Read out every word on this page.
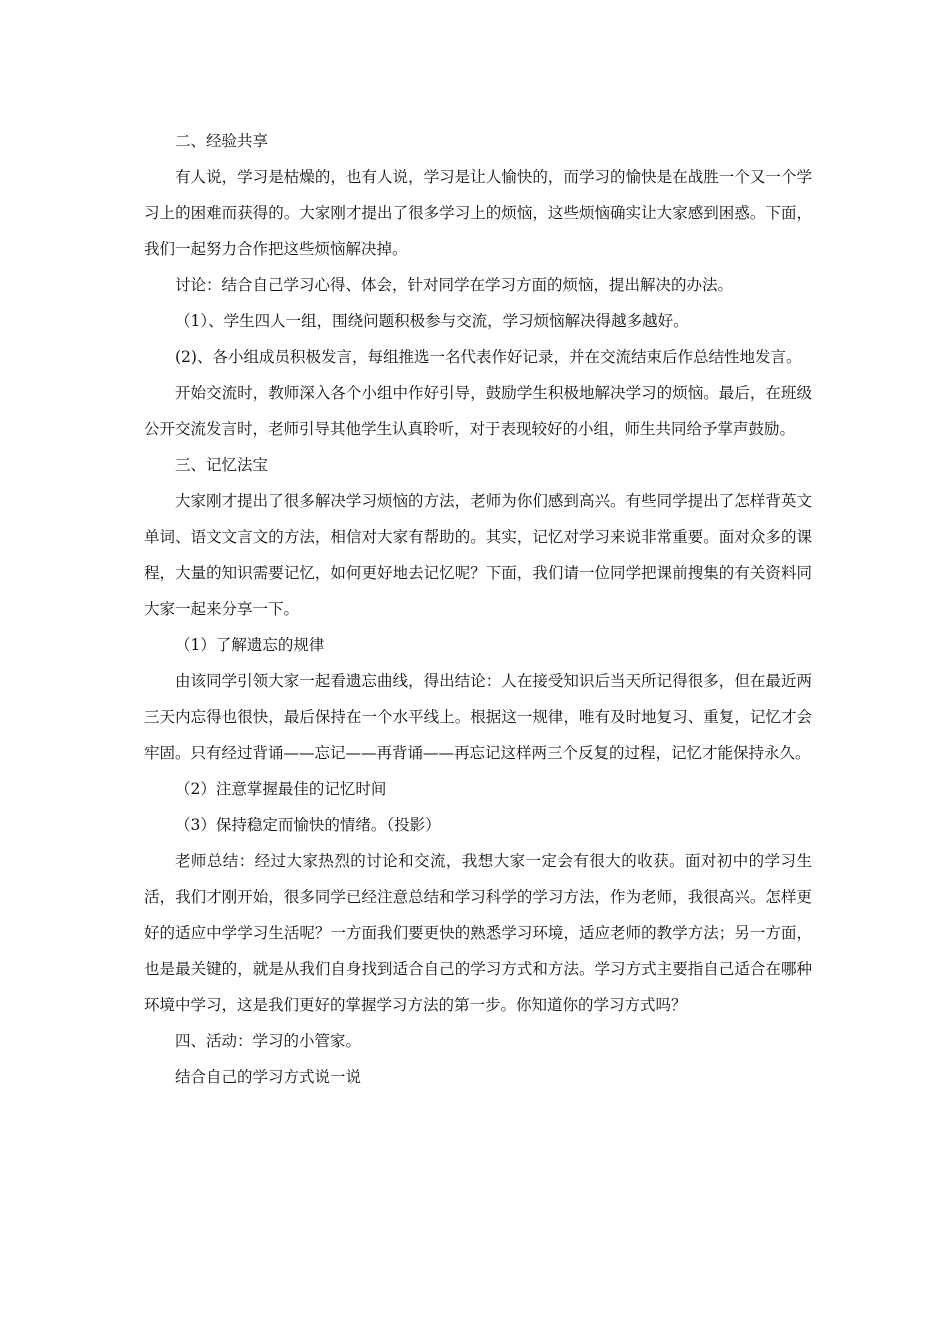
二、经验共享

有人说，学习是枯燥的，也有人说，学习是让人愉快的，而学习的愉快是在战胜一个又一个学习上的困难而获得的。大家刚才提出了很多学习上的烦恼，这些烦恼确实让大家感到困惑。下面，我们一起努力合作把这些烦恼解决掉。

讨论：结合自己学习心得、体会，针对同学在学习方面的烦恼，提出解决的办法。

（1）、学生四人一组，围绕问题积极参与交流，学习烦恼解决得越多越好。

(2)、各小组成员积极发言，每组推选一名代表作好记录，并在交流结束后作总结性地发言。

开始交流时，教师深入各个小组中作好引导，鼓励学生积极地解决学习的烦恼。最后，在班级公开交流发言时，老师引导其他学生认真聆听，对于表现较好的小组，师生共同给予掌声鼓励。

三、记忆法宝

大家刚才提出了很多解决学习烦恼的方法，老师为你们感到高兴。有些同学提出了怎样背英文单词、语文文言文的方法，相信对大家有帮助的。其实，记忆对学习来说非常重要。面对众多的课程，大量的知识需要记忆，如何更好地去记忆呢？下面，我们请一位同学把课前搜集的有关资料同大家一起来分享一下。

（1）了解遗忘的规律

由该同学引领大家一起看遗忘曲线，得出结论：人在接受知识后当天所记得很多，但在最近两三天内忘得也很快，最后保持在一个水平线上。根据这一规律，唯有及时地复习、重复，记忆才会牢固。只有经过背诵——忘记——再背诵——再忘记这样两三个反复的过程，记忆才能保持永久。

（2）注意掌握最佳的记忆时间

（3）保持稳定而愉快的情绪。（投影）

老师总结：经过大家热烈的讨论和交流，我想大家一定会有很大的收获。面对初中的学习生活，我们才刚开始，很多同学已经注意总结和学习科学的学习方法，作为老师，我很高兴。怎样更好的适应中学学习生活呢？一方面我们要更快的熟悉学习环境，适应老师的教学方法；另一方面，也是最关键的，就是从我们自身找到适合自己的学习方式和方法。学习方式主要指自己适合在哪种环境中学习，这是我们更好的掌握学习方法的第一步。你知道你的学习方式吗？

四、活动：学习的小管家。

结合自己的学习方式说一说
